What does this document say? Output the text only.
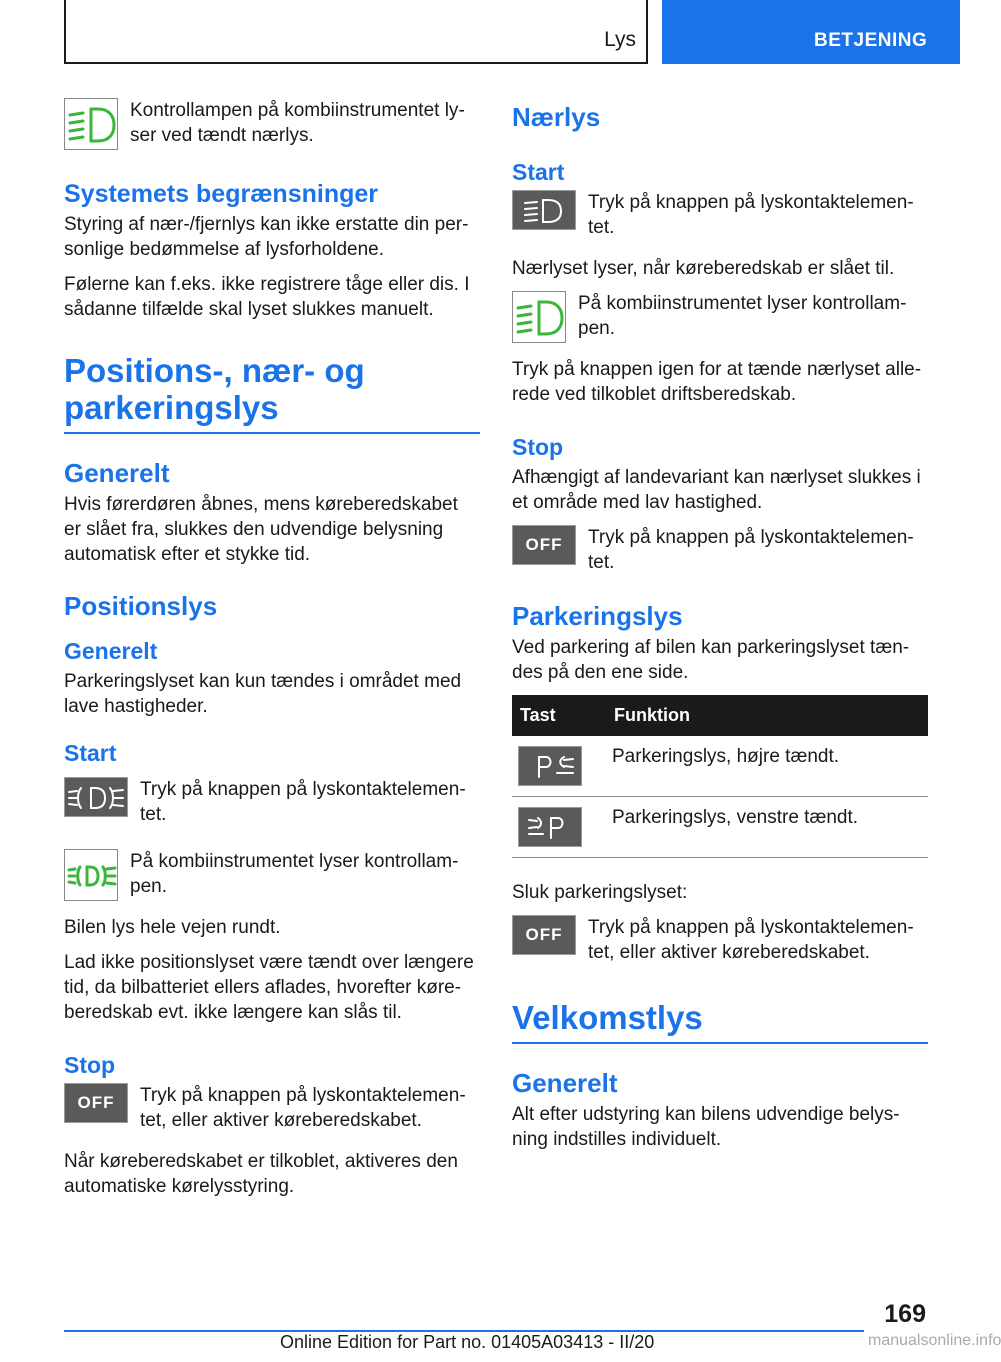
Lys	BETJENING

Kontrollampen på kombiinstrumentet lyser ved tændt nærlys.

Systemets begrænsninger

Styring af nær-/fjernlys kan ikke erstatte din personlige bedømmelse af lysforholdene.

Følerne kan f.eks. ikke registrere tåge eller dis. I sådanne tilfælde skal lyset slukkes manuelt.

Positions-, nær- og parkeringslys
Generelt

Hvis førerdøren åbnes, mens køreberedskabet er slået fra, slukkes den udvendige belysning automatisk efter et stykke tid.

Positionslys
Generelt

Parkeringslyset kan kun tændes i området med lave hastigheder.

Start

Tryk på knappen på lyskontaktelementet.

På kombiinstrumentet lyser kontrollampen.

Bilen lys hele vejen rundt.

Lad ikke positionslyset være tændt over længere tid, da bilbatteriet ellers aflades, hvorefter køreberedskab evt. ikke længere kan slås til.

Stop
OFF	Tryk på knappen på lyskontaktelementet, eller aktiver køreberedskabet.

Når køreberedskabet er tilkoblet, aktiveres den automatiske kørelysstyring.

Nærlys
Start

Tryk på knappen på lyskontaktelementet.

Nærlyset lyser, når køreberedskab er slået til.

På kombiinstrumentet lyser kontrollampen.

Tryk på knappen igen for at tænde nærlyset allerede ved tilkoblet driftsberedskab.

Stop

Afhængigt af landevariant kan nærlyset slukkes i et område med lav hastighed.

OFF	Tryk på knappen på lyskontaktelementet.

Parkeringslys

Ved parkering af bilen kan parkeringslyset tændes på den ene side.

Tast	Funktion

	Parkeringslys, højre tændt.

	Parkeringslys, venstre tændt.

Sluk parkeringslyset:

OFF	Tryk på knappen på lyskontaktelementet, eller aktiver køreberedskabet.

Velkomstlys
Generelt

Alt efter udstyring kan bilens udvendige belysning indstilles individuelt.

169
Online Edition for Part no. 01405A03413 - II/20	manualsonline.info
